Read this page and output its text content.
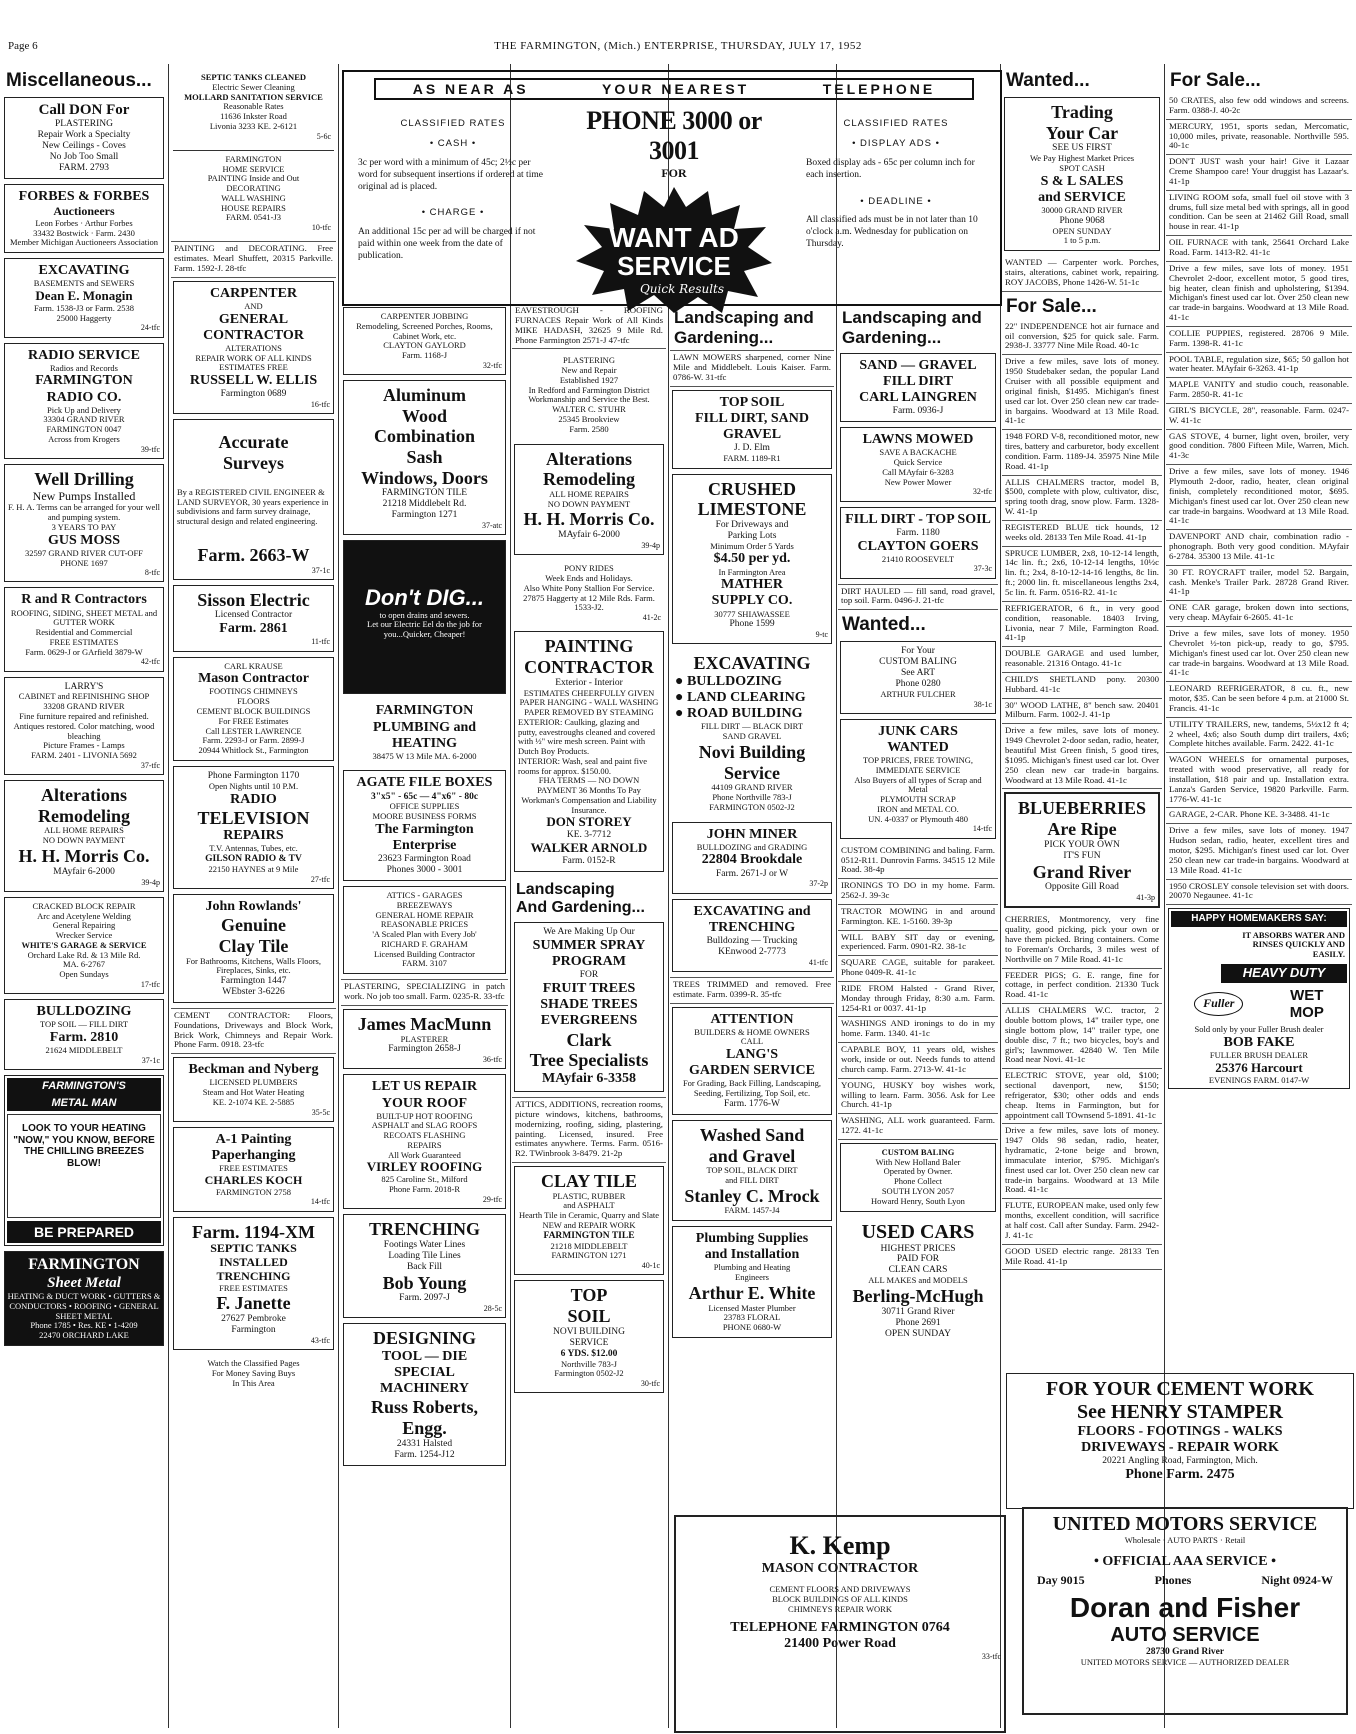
Page 6	THE FARMINGTON, (Mich.) ENTERPRISE, THURSDAY, JULY 17, 1952
AS NEAR AS	YOUR NEAREST	TELEPHONE
CLASSIFIED RATES
• CASH •
3c per word with a minimum of 45c; 2½c per word for subsequent insertions if ordered at time original ad is placed.
• CHARGE •
An additional 15c per ad will be charged if not paid within one week from the date of publication.
PHONE 3000 or 3001
FOR
WANT AD
SERVICE
Quick Results
CLASSIFIED RATES
• DISPLAY ADS •
Boxed display ads - 65c per column inch for each insertion.
• DEADLINE •
All classified ads must be in not later than 10 o'clock a.m. Wednesday for publication on Thursday.
Miscellaneous...
Call DON For
PLASTERING
Repair Work a Specialty
New Ceilings - Coves
No Job Too Small
FARM. 2793
FORBES & FORBES
Auctioneers
Leon Forbes · Arthur Forbes
33432 Bostwick · Farm. 2430
Member Michigan Auctioneers Association
EXCAVATING
BASEMENTS and SEWERS
Dean E. Monagin
Farm. 1538-J3 or Farm. 2538
25000 Haggerty
24-tfc
RADIO SERVICE
Radios and Records
FARMINGTON
RADIO CO.
Pick Up and Delivery
33304 GRAND RIVER
FARMINGTON 0047
Across from Krogers
39-tfc
Well Drilling
New Pumps Installed
F. H. A. Terms can be arranged for your well and pumping system.
3 YEARS TO PAY
GUS MOSS
32597 GRAND RIVER CUT-OFF
PHONE 1697
8-tfc
R and R Contractors
ROOFING, SIDING, SHEET METAL and GUTTER WORK
Residential and Commercial
FREE ESTIMATES
Farm. 0629-J or GArfield 3879-W
42-tfc
LARRY'S
CABINET and REFINISHING SHOP
33208 GRAND RIVER
Fine furniture repaired and refinished. Antiques restored. Color matching, wood bleaching
Picture Frames - Lamps
FARM. 2401 - LIVONIA 5692
37-tfc
Alterations
Remodeling
ALL HOME REPAIRS
NO DOWN PAYMENT
H. H. Morris Co.
MAyfair 6-2000
39-4p
CRACKED BLOCK REPAIR
Arc and Acetylene Welding
General Repairing
Wrecker Service
WHITE'S GARAGE & SERVICE
Orchard Lake Rd. & 13 Mile Rd.
MA. 6-2767
Open Sundays
17-tfc
BULLDOZING
TOP SOIL — FILL DIRT
Farm. 2810
21624 MIDDLEBELT
37-1c
FARMINGTON'S
METAL MAN
LOOK TO YOUR HEATING "NOW," YOU KNOW, BEFORE THE CHILLING BREEZES BLOW!
BE PREPARED
FARMINGTON
Sheet Metal
HEATING & DUCT WORK • GUTTERS & CONDUCTORS • ROOFING • GENERAL SHEET METAL
Phone 1785 • Res. KE • 1-4209
22470 ORCHARD LAKE
SEPTIC TANKS CLEANED
Electric Sewer Cleaning
MOLLARD SANITATION SERVICE
Reasonable Rates
11636 Inkster Road
Livonia 3233 KE. 2-6121
5-6c
FARMINGTON
HOME SERVICE
PAINTING Inside and Out
DECORATING
WALL WASHING
HOUSE REPAIRS
FARM. 0541-J3
10-tfc
PAINTING and DECORATING. Free estimates. Mearl Shuffett, 20315 Parkville. Farm. 1592-J. 28-tfc
CARPENTER
AND
GENERAL
CONTRACTOR
ALTERATIONS
REPAIR WORK OF ALL KINDS
ESTIMATES FREE
RUSSELL W. ELLIS
Farmington 0689
16-tfc
Accurate
Surveys
By a REGISTERED CIVIL ENGINEER & LAND SURVEYOR, 30 years experience in subdivisions and farm survey drainage, structural design and related engineering.
Farm. 2663-W
37-1c
Sisson Electric
Licensed Contractor
Farm. 2861
11-tfc
CARL KRAUSE
Mason Contractor
FOOTINGS CHIMNEYS
FLOORS
CEMENT BLOCK BUILDINGS
For FREE Estimates
Call LESTER LAWRENCE
Farm. 2293-J or Farm. 2899-J
20944 Whitlock St., Farmington
Phone Farmington 1170
Open Nights until 10 P.M.
RADIO
TELEVISION
REPAIRS
T.V. Antennas, Tubes, etc.
GILSON RADIO & TV
22150 HAYNES at 9 Mile
27-tfc
John Rowlands'
Genuine
Clay Tile
For Bathrooms, Kitchens, Walls Floors, Fireplaces, Sinks, etc.
Farmington 1447
WEbster 3-6226
CEMENT CONTRACTOR: Floors, Foundations, Driveways and Block Work, Brick Work, Chimneys and Repair Work. Phone Farm. 0918. 23-tfc
Beckman and Nyberg
LICENSED PLUMBERS
Steam and Hot Water Heating
KE. 2-1074 KE. 2-5885
35-5c
A-1 Painting
Paperhanging
FREE ESTIMATES
CHARLES KOCH
FARMINGTON 2758
14-tfc
Farm. 1194-XM
SEPTIC TANKS
INSTALLED
TRENCHING
FREE ESTIMATES
F. Janette
27627 Pembroke
Farmington
43-tfc
Watch the Classified Pages
For Money Saving Buys
In This Area
CARPENTER JOBBING
Remodeling, Screened Porches, Rooms, Cabinet Work, etc.
CLAYTON GAYLORD
Farm. 1168-J
32-tfc
Aluminum
Wood
Combination
Sash
Windows, Doors
FARMINGTON TILE
21218 Middlebelt Rd.
Farmington 1271
37-atc
Don't DIG...
to open drains and sewers.
Let our Electric Eel do the job for you...Quicker, Cheaper!
FARMINGTON
PLUMBING and
HEATING
38475 W 13 Mile MA. 6-2000
AGATE FILE BOXES
3"x5" - 65c — 4"x6" - 80c
OFFICE SUPPLIES
MOORE BUSINESS FORMS
The Farmington
Enterprise
23623 Farmington Road
Phones 3000 - 3001
ATTICS - GARAGES
BREEZEWAYS
GENERAL HOME REPAIR
REASONABLE PRICES
'A Scaled Plan with Every Job'
RICHARD F. GRAHAM
Licensed Building Contractor
FARM. 3107
PLASTERING, SPECIALIZING in patch work. No job too small. Farm. 0235-R. 33-tfc
James MacMunn
PLASTERER
Farmington 2658-J
36-tfc
LET US REPAIR
YOUR ROOF
BUILT-UP HOT ROOFING
ASPHALT and SLAG ROOFS
RECOATS FLASHING
REPAIRS
All Work Guaranteed
VIRLEY ROOFING
825 Caroline St., Milford
Phone Farm. 2018-R
29-tfc
TRENCHING
Footings Water Lines
Loading Tile Lines
Back Fill
Bob Young
Farm. 2097-J
28-5c
DESIGNING
TOOL — DIE
SPECIAL
MACHINERY
Russ Roberts,
Engg.
24331 Halsted
Farm. 1254-J12
EAVESTROUGH - ROOFING FURNACES Repair Work of All Kinds MIKE HADASH, 32625 9 Mile Rd. Phone Farmington 2571-J 47-tfc
PLASTERING
New and Repair
Established 1927
In Redford and Farmington District Workmanship and Service the Best.
WALTER C. STUHR
25345 Brookview
Farm. 2580
Alterations
Remodeling
ALL HOME REPAIRS
NO DOWN PAYMENT
H. H. Morris Co.
MAyfair 6-2000
39-4p
PONY RIDES
Week Ends and Holidays.
Also White Pony Stallion For Service.
27875 Haggerty at 12 Mile Rds. Farm. 1533-J2.
41-2c
PAINTING
CONTRACTOR
Exterior - Interior
ESTIMATES CHEERFULLY GIVEN
PAPER HANGING - WALL WASHING PAPER REMOVED BY STEAMING
EXTERIOR: Caulking, glazing and putty, eavestroughs cleaned and covered with ½" wire mesh screen. Paint with Dutch Boy Products.
INTERIOR: Wash, seal and paint five rooms for approx. $150.00.
FHA TERMS — NO DOWN PAYMENT 36 Months To Pay
Workman's Compensation and Liability Insurance.
DON STOREY
KE. 3-7712
WALKER ARNOLD
Farm. 0152-R
Landscaping
And Gardening...
We Are Making Up Our
SUMMER SPRAY
PROGRAM
FOR
FRUIT TREES
SHADE TREES
EVERGREENS
Clark
Tree Specialists
MAyfair 6-3358
ATTICS, ADDITIONS, recreation rooms, picture windows, kitchens, bathrooms, modernizing, roofing, siding, plastering, painting. Licensed, insured. Free estimates anywhere. Terms. Farm. 0516-R2. TWinbrook 3-8479. 21-2p
CLAY TILE
PLASTIC, RUBBER
and ASPHALT
Hearth Tile in Ceramic, Quarry and Slate
NEW and REPAIR WORK
FARMINGTON TILE
21218 MIDDLEBELT
FARMINGTON 1271
40-1c
TOP
SOIL
NOVI BUILDING
SERVICE
6 YDS. $12.00
Northville 783-J
Farmington 0502-J2
30-tfc
Landscaping and
Gardening...
LAWN MOWERS sharpened, corner Nine Mile and Middlebelt. Louis Kaiser. Farm. 0786-W. 31-tfc
TOP SOIL
FILL DIRT, SAND
GRAVEL
J. D. Elm
FARM. 1189-R1
CRUSHED
LIMESTONE
For Driveways and
Parking Lots
Minimum Order 5 Yards
$4.50 per yd.
In Farmington Area
MATHER
SUPPLY CO.
30777 SHIAWASSEE
Phone 1599
9-tc
EXCAVATING
● BULLDOZING
● LAND CLEARING
● ROAD BUILDING
FILL DIRT — BLACK DIRT
SAND GRAVEL
Novi Building
Service
44109 GRAND RIVER
Phone Northville 783-J
FARMINGTON 0502-J2
JOHN MINER
BULLDOZING and GRADING
22804 Brookdale
Farm. 2671-J or W
37-2p
EXCAVATING and
TRENCHING
Bulldozing — Trucking
KEnwood 2-7773
41-tfc
TREES TRIMMED and removed. Free estimate. Farm. 0399-R. 35-tfc
ATTENTION
BUILDERS & HOME OWNERS
CALL
LANG'S
GARDEN SERVICE
For Grading, Back Filling, Landscaping, Seeding, Fertilizing, Top Soil, etc.
Farm. 1776-W
Washed Sand
and Gravel
TOP SOIL, BLACK DIRT
and FILL DIRT
Stanley C. Mrock
FARM. 1457-J4
Plumbing Supplies
and Installation
Plumbing and Heating
Engineers
Arthur E. White
Licensed Master Plumber
23783 FLORAL
PHONE 0680-W
Landscaping and
Gardening...
SAND — GRAVEL
FILL DIRT
CARL LAINGREN
Farm. 0936-J
LAWNS MOWED
SAVE A BACKACHE
Quick Service
Call MAyfair 6-3283
New Power Mower
32-tfc
FILL DIRT - TOP SOIL
Farm. 1180
CLAYTON GOERS
21410 ROOSEVELT
37-3c
DIRT HAULED — fill sand, road gravel, top soil. Farm. 0496-J. 21-tfc
Wanted...
For Your
CUSTOM BALING
See ART
Phone 0280
ARTHUR FULCHER
38-1c
JUNK CARS
WANTED
TOP PRICES, FREE TOWING, IMMEDIATE SERVICE
Also Buyers of all types of Scrap and Metal
PLYMOUTH SCRAP
IRON and METAL CO.
UN. 4-0337 or Plymouth 480
14-tfc
CUSTOM COMBINING and baling. Farm. 0512-R11. Dunrovin Farms. 34515 12 Mile Road. 38-4p
IRONINGS TO DO in my home. Farm. 2562-J. 39-3c
TRACTOR MOWING in and around Farmington. KE. 1-5160. 39-3p
WILL BABY SIT day or evening, experienced. Farm. 0901-R2. 38-1c
SQUARE CAGE, suitable for parakeet. Phone 0409-R. 41-1c
RIDE FROM Halsted - Grand River, Monday through Friday, 8:30 a.m. Farm. 1254-R1 or 0037. 41-1p
WASHINGS AND ironings to do in my home. Farm. 1340. 41-1c
CAPABLE BOY, 11 years old, wishes work, inside or out. Needs funds to attend church camp. Farm. 2713-W. 41-1c
YOUNG, HUSKY boy wishes work, willing to learn. Farm. 3056. Ask for Lee Church. 41-1p
WASHING, ALL work guaranteed. Farm. 1272. 41-1c
CUSTOM BALING
With New Holland Baler
Operated by Owner.
Phone Collect
SOUTH LYON 2057
Howard Henry, South Lyon
USED CARS
HIGHEST PRICES
PAID FOR
CLEAN CARS
ALL MAKES and MODELS
Berling-McHugh
30711 Grand River
Phone 2691
OPEN SUNDAY
Wanted...
Trading
Your Car
SEE US FIRST
We Pay Highest Market Prices
SPOT CASH
S & L SALES
and SERVICE
30000 GRAND RIVER
Phone 9068
OPEN SUNDAY
1 to 5 p.m.
WANTED — Carpenter work. Porches, stairs, alterations, cabinet work, repairing. ROY JACOBS, Phone 1426-W. 51-1c
For Sale...
22" INDEPENDENCE hot air furnace and oil conversion, $25 for quick sale. Farm. 2938-J. 33777 Nine Mile Road. 40-1c
Drive a few miles, save lots of money. 1950 Studebaker sedan, the popular Land Cruiser with all possible equipment and original finish, $1495. Michigan's finest used car lot. Over 250 clean new car trade-in bargains. Woodward at 13 Mile Road. 41-1c
1948 FORD V-8, reconditioned motor, new tires, battery and carburetor, body excellent condition. Farm. 1189-J4. 35975 Nine Mile Road. 41-1p
ALLIS CHALMERS tractor, model B, $500, complete with plow, cultivator, disc, spring tooth drag, snow plow. Farm. 1328-W. 41-1p
REGISTERED BLUE tick hounds, 12 weeks old. 28133 Ten Mile Road. 41-1p
SPRUCE LUMBER, 2x8, 10-12-14 length, 14c lin. ft.; 2x6, 10-12-14 lengths, 10½c lin. ft.; 2x4, 8-10-12-14-16 lengths, 8c lin. ft.; 2000 lin. ft. miscellaneous lengths 2x4, 5c lin. ft. Farm. 0516-R2. 41-1c
REFRIGERATOR, 6 ft., in very good condition, reasonable. 18403 Irving, Livonia, near 7 Mile, Farmington Road. 41-1p
DOUBLE GARAGE and used lumber, reasonable. 21316 Ontago. 41-1c
CHILD'S SHETLAND pony. 20300 Hubbard. 41-1c
30" WOOD LATHE, 8" bench saw. 20401 Milburn. Farm. 1002-J. 41-1p
Drive a few miles, save lots of money. 1949 Chevrolet 2-door sedan, radio, heater, beautiful Mist Green finish, 5 good tires, $1095. Michigan's finest used car lot. Over 250 clean new car trade-in bargains. Woodward at 13 Mile Road. 41-1c
BLUEBERRIES
Are Ripe
PICK YOUR OWN
IT'S FUN
Grand River
Opposite Gill Road
41-3p
CHERRIES, Montmorency, very fine quality, good picking, pick your own or have them picked. Bring containers. Come to Foreman's Orchards, 3 miles west of Northville on 7 Mile Road. 41-1c
FEEDER PIGS; G. E. range, fine for cottage, in perfect condition. 21330 Tuck Road. 41-1c
ALLIS CHALMERS W.C. tractor, 2 double bottom plows, 14" trailer type, one single bottom plow, 14" trailer type, one double disc, 7 ft.; two bicycles, boy's and girl's; lawnmower. 42840 W. Ten Mile Road near Novi. 41-1c
ELECTRIC STOVE, year old, $100; sectional davenport, new, $150; refrigerator, $30; other odds and ends cheap. Items in Farmington, but for appointment call TOwnsend 5-1891. 41-1c
Drive a few miles, save lots of money. 1947 Olds 98 sedan, radio, heater, hydramatic, 2-tone beige and brown, immaculate interior, $795. Michigan's finest used car lot. Over 250 clean new car trade-in bargains. Woodward at 13 Mile Road. 41-1c
FLUTE, EUROPEAN make, used only few months, excellent condition, will sacrifice at half cost. Call after Sunday. Farm. 2942-J. 41-1c
GOOD USED electric range. 28133 Ten Mile Road. 41-1p
For Sale...
50 CRATES, also few odd windows and screens. Farm. 0388-J. 40-2c
MERCURY, 1951, sports sedan, Mercomatic, 10,000 miles, private, reasonable. Northville 595. 40-1c
DON'T JUST wash your hair! Give it Lazaar Creme Shampoo care! Your druggist has Lazaar's. 41-1p
LIVING ROOM sofa, small fuel oil stove with 3 drums, full size metal bed with springs, all in good condition. Can be seen at 21462 Gill Road, small house in rear. 41-1p
OIL FURNACE with tank, 25641 Orchard Lake Road. Farm. 1413-R2. 41-1c
Drive a few miles, save lots of money. 1951 Chevrolet 2-door, excellent motor, 5 good tires, big heater, clean finish and upholstering, $1394. Michigan's finest used car lot. Over 250 clean new car trade-in bargains. Woodward at 13 Mile Road. 41-1c
COLLIE PUPPIES, registered. 28706 9 Mile. Farm. 1398-R. 41-1c
POOL TABLE, regulation size, $65; 50 gallon hot water heater. MAyfair 6-3263. 41-1p
MAPLE VANITY and studio couch, reasonable. Farm. 2850-R. 41-1c
GIRL'S BICYCLE, 28", reasonable. Farm. 0247-W. 41-1c
GAS STOVE, 4 burner, light oven, broiler, very good condition. 7800 Fifteen Mile, Warren, Mich. 41-3c
Drive a few miles, save lots of money. 1946 Plymouth 2-door, radio, heater, clean original finish, completely reconditioned motor, $695. Michigan's finest used car lot. Over 250 clean new car trade-in bargains. Woodward at 13 Mile Road. 41-1c
DAVENPORT AND chair, combination radio - phonograph. Both very good condition. MAyfair 6-2784. 35300 13 Mile. 41-1c
30 FT. ROYCRAFT trailer, model 52. Bargain, cash. Menke's Trailer Park. 28728 Grand River. 41-1p
ONE CAR garage, broken down into sections, very cheap. MAyfair 6-2605. 41-1c
Drive a few miles, save lots of money. 1950 Chevrolet ½-ton pick-up, ready to go, $795. Michigan's finest used car lot. Over 250 clean new car trade-in bargains. Woodward at 13 Mile Road. 41-1c
LEONARD REFRIGERATOR, 8 cu. ft., new motor, $35. Can be seen before 4 p.m. at 21000 St. Francis. 41-1c
UTILITY TRAILERS, new, tandems, 5½x12 ft 4; 2 wheel, 4x6; also South dump dirt trailers, 4x6; Complete hitches available. Farm. 2422. 41-1c
WAGON WHEELS for ornamental purposes, treated with wood preservative, all ready for installation, $18 pair and up. Installation extra. Lanza's Garden Service, 19820 Parkville. Farm. 1776-W. 41-1c
GARAGE, 2-CAR. Phone KE. 3-3488. 41-1c
Drive a few miles, save lots of money. 1947 Hudson sedan, radio, heater, excellent tires and motor, $295. Michigan's finest used car lot. Over 250 clean new car trade-in bargains. Woodward at 13 Mile Road. 41-1c
1950 CROSLEY console television set with doors. 20070 Negaunee. 41-1c
HAPPY HOMEMAKERS SAY:
IT ABSORBS WATER AND RINSES QUICKLY AND EASILY.
HEAVY DUTY
Fuller	WET
MOP
Sold only by your Fuller Brush dealer
BOB FAKE
FULLER BRUSH DEALER
25376 Harcourt
EVENINGS FARM. 0147-W
K. Kemp
MASON CONTRACTOR
CEMENT FLOORS AND DRIVEWAYS
BLOCK BUILDINGS OF ALL KINDS
CHIMNEYS REPAIR WORK
TELEPHONE FARMINGTON 0764
21400 Power Road
33-tfc
FOR YOUR CEMENT WORK
See HENRY STAMPER
FLOORS - FOOTINGS - WALKS
DRIVEWAYS - REPAIR WORK
20221 Angling Road, Farmington, Mich.
Phone Farm. 2475
UNITED MOTORS SERVICE
Wholesale · AUTO PARTS · Retail
• OFFICIAL AAA SERVICE •
Day 9015	Phones	Night 0924-W
Doran and Fisher
AUTO SERVICE
28730 Grand River
UNITED MOTORS SERVICE — AUTHORIZED DEALER
